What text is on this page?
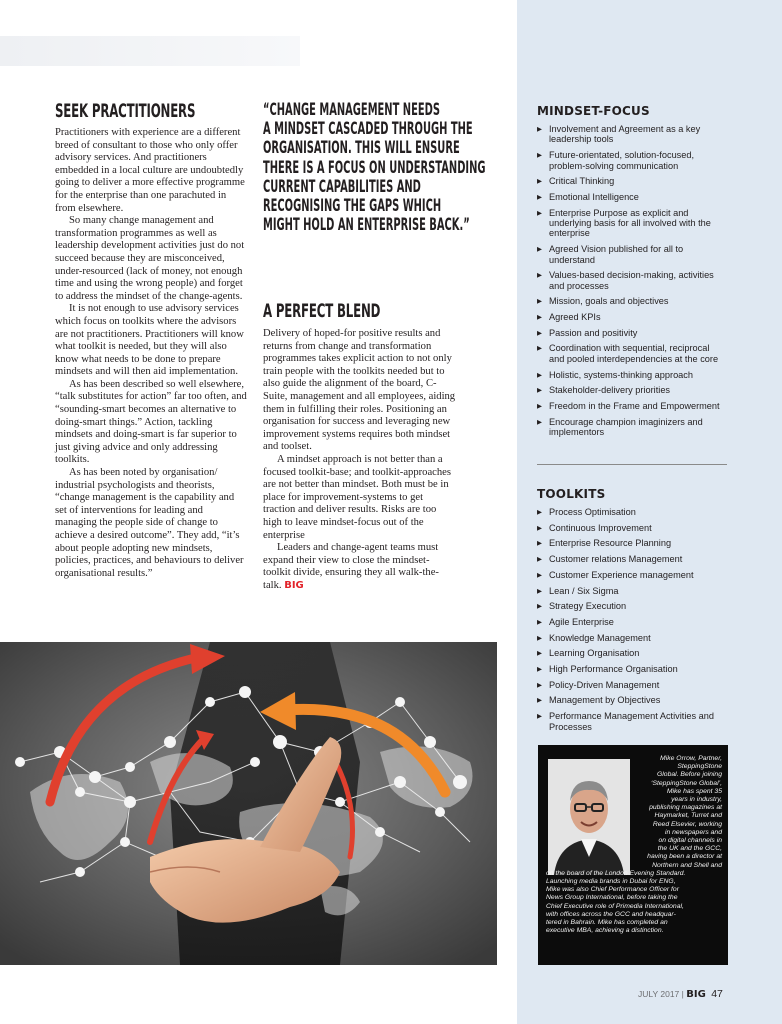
SEEK PRACTITIONERS

Practitioners with experience are a different breed of consultant to those who only offer advisory services. And practitioners embedded in a local culture are undoubtedly going to deliver a more effective programme for the enterprise than one parachuted in from elsewhere.

So many change management and transformation programmes as well as leadership development activities just do not succeed because they are misconceived, under-resourced (lack of money, not enough time and using the wrong people) and forget to address the mindset of the change-agents.

It is not enough to use advisory services which focus on toolkits where the advisors are not practitioners. Practitioners will know what toolkit is needed, but they will also know what needs to be done to prepare mindsets and will then aid implementation.

As has been described so well elsewhere, “talk substitutes for action” far too often, and “sounding-smart becomes an alternative to doing-smart things.” Action, tackling mindsets and doing-smart is far superior to just giving advice and only addressing toolkits.

As has been noted by organisation/ industrial psychologists and theorists, “change management is the capability and set of interventions for leading and managing the people side of change to achieve a desired outcome”. They add, “it’s about people adopting new mindsets, policies, practices, and behaviours to deliver organisational results.”

“CHANGE MANAGEMENT NEEDS
A MINDSET CASCADED THROUGH THE
ORGANISATION. THIS WILL ENSURE
THERE IS A FOCUS ON UNDERSTANDING
CURRENT CAPABILITIES AND
RECOGNISING THE GAPS WHICH
MIGHT HOLD AN ENTERPRISE BACK.”
A PERFECT BLEND

Delivery of hoped-for positive results and returns from change and transformation programmes takes explicit action to not only train people with the toolkits needed but to also guide the alignment of the board, C-Suite, management and all employees, aiding them in fulfilling their roles. Positioning an organisation for success and leveraging new improvement systems requires both mindset and toolset.

A mindset approach is not better than a focused toolkit-base; and toolkit-approaches are not better than mindset. Both must be in place for improvement-systems to get traction and deliver results. Risks are too high to leave mindset-focus out of the enterprise

Leaders and change-agent teams must expand their view to close the mindset-toolkit divide, ensuring they all walk-the-talk. BIG

MINDSET-FOCUS
▶ Involvement and Agreement as a key leadership tools
▶ Future-orientated, solution-focused, problem-solving communication
▶ Critical Thinking
▶ Emotional Intelligence
▶ Enterprise Purpose as explicit and underlying basis for all involved with the enterprise
▶ Agreed Vision published for all to understand
▶ Values-based decision-making, activities and processes
▶ Mission, goals and objectives
▶ Agreed KPIs
▶ Passion and positivity
▶ Coordination with sequential, reciprocal and pooled interdependencies at the core
▶ Holistic, systems-thinking approach
▶ Stakeholder-delivery priorities
▶ Freedom in the Frame and Empowerment
▶ Encourage champion imaginizers and implementors
TOOLKITS
▶ Process Optimisation
▶ Continuous Improvement
▶ Enterprise Resource Planning
▶ Customer relations Management
▶ Customer Experience management
▶ Lean / Six Sigma
▶ Strategy Execution
▶ Agile Enterprise
▶ Knowledge Management
▶ Learning Organisation
▶ High Performance Organisation
▶ Policy-Driven Management
▶ Management by Objectives
▶ Performance Management Activities and Processes
Mike Orrow, Partner,
SteppingStone
Global. Before joining
‘SteppingStone Global’,
Mike has spent 35
years in industry,
publishing magazines at
Haymarket, Turret and
Reed Elsevier, working
in newspapers and
on digital channels in
the UK and the GCC,
having been a director at
Northern and Shell and
on the board of the London Evening Standard.
Launching media brands in Dubai for ENG,
Mike was also Chief Performance Officer for
News Group International, before taking the
Chief Executive role of Primedia International,
with offices across the GCC and headquar-
tered in Bahrain. Mike has completed an
executive MBA, achieving a distinction.
JULY 2017 | BIG 47
